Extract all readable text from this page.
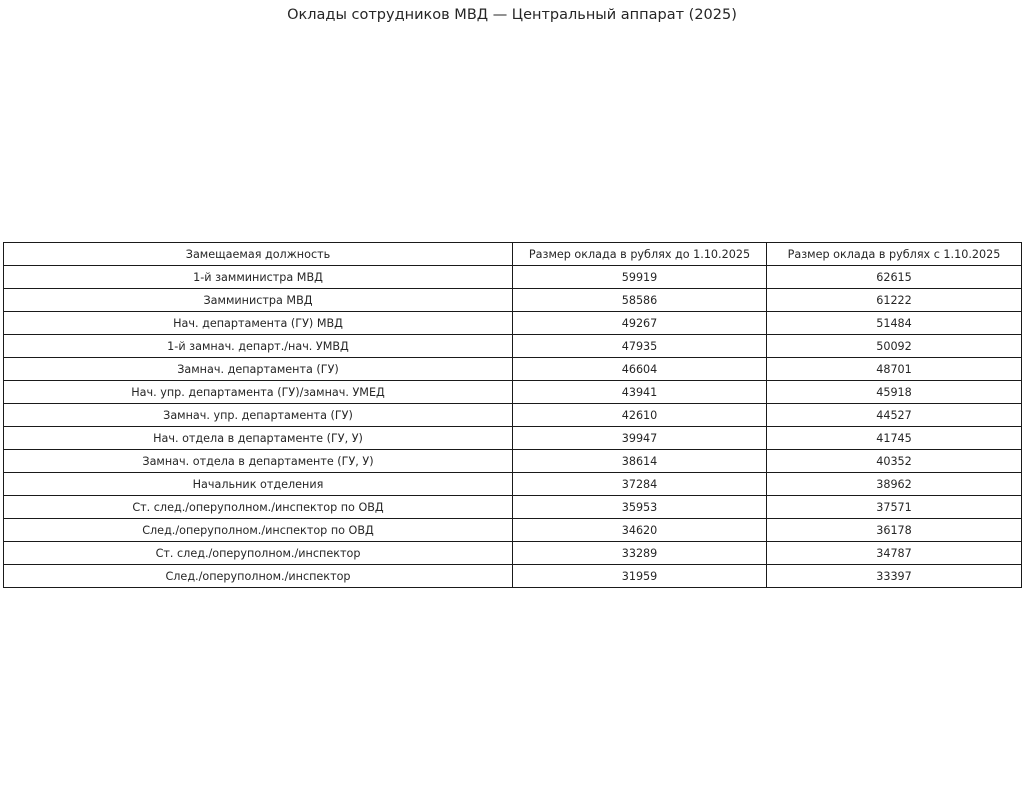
Оклады сотрудников МВД — Центральный аппарат (2025)
Замещаемая должность	Размер оклада в рублях до 1.10.2025	Размер оклада в рублях с 1.10.2025
1-й замминистра МВД	59919	62615
Замминистра МВД	58586	61222
Нач. департамента (ГУ) МВД	49267	51484
1-й замнач. департ./нач. УМВД	47935	50092
Замнач. департамента (ГУ)	46604	48701
Нач. упр. департамента (ГУ)/замнач. УМЕД	43941	45918
Замнач. упр. департамента (ГУ)	42610	44527
Нач. отдела в департаменте (ГУ, У)	39947	41745
Замнач. отдела в департаменте (ГУ, У)	38614	40352
Начальник отделения	37284	38962
Ст. след./оперуполном./инспектор по ОВД	35953	37571
След./оперуполном./инспектор по ОВД	34620	36178
Ст. след./оперуполном./инспектор	33289	34787
След./оперуполном./инспектор	31959	33397
